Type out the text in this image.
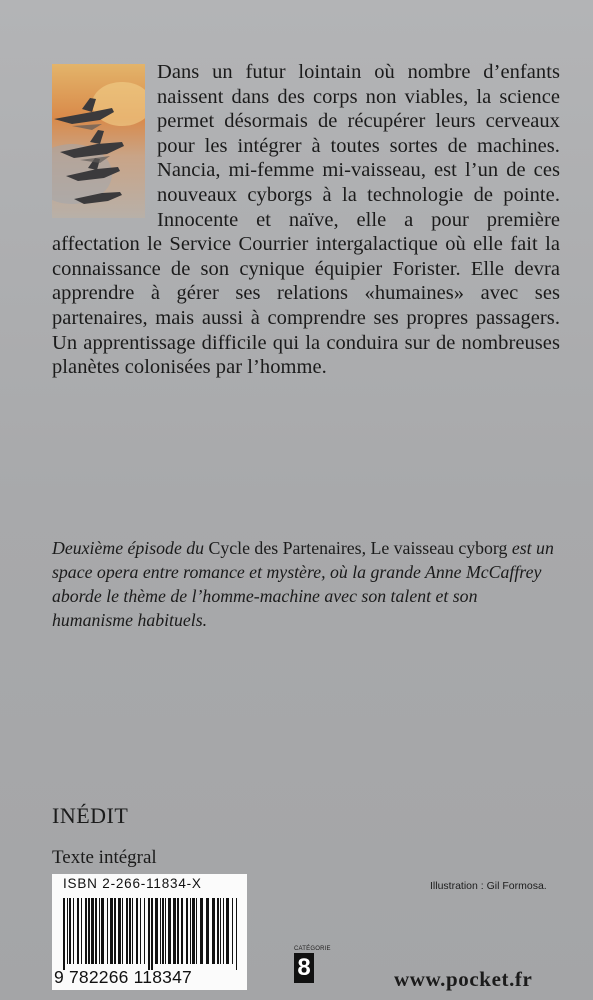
Dans un futur lointain où nombre d’enfants naissent dans des corps non viables, la science permet désormais de récupérer leurs cerveaux pour les intégrer à toutes sortes de machines. Nancia, mi-femme mi-vaisseau, est l’un de ces nouveaux cyborgs à la technologie de pointe. Innocente et naïve, elle a pour première affectation le Service Courrier intergalactique où elle fait la connaissance de son cynique équipier Forister. Elle devra apprendre à gérer ses relations «humaines» avec ses partenaires, mais aussi à comprendre ses propres passagers. Un apprentissage difficile qui la conduira sur de nombreuses planètes colonisées par l’homme.
Deuxième épisode du Cycle des Partenaires, Le vaisseau cyborg est un space opera entre romance et mystère, où la grande Anne McCaffrey aborde le thème de l’homme-machine avec son talent et son humanisme habituels.
INÉDIT
Texte intégral
ISBN 2-266-11834-X
9 782266 118347
Illustration : Gil Formosa.
CATÉGORIE
8	www.pocket.fr
